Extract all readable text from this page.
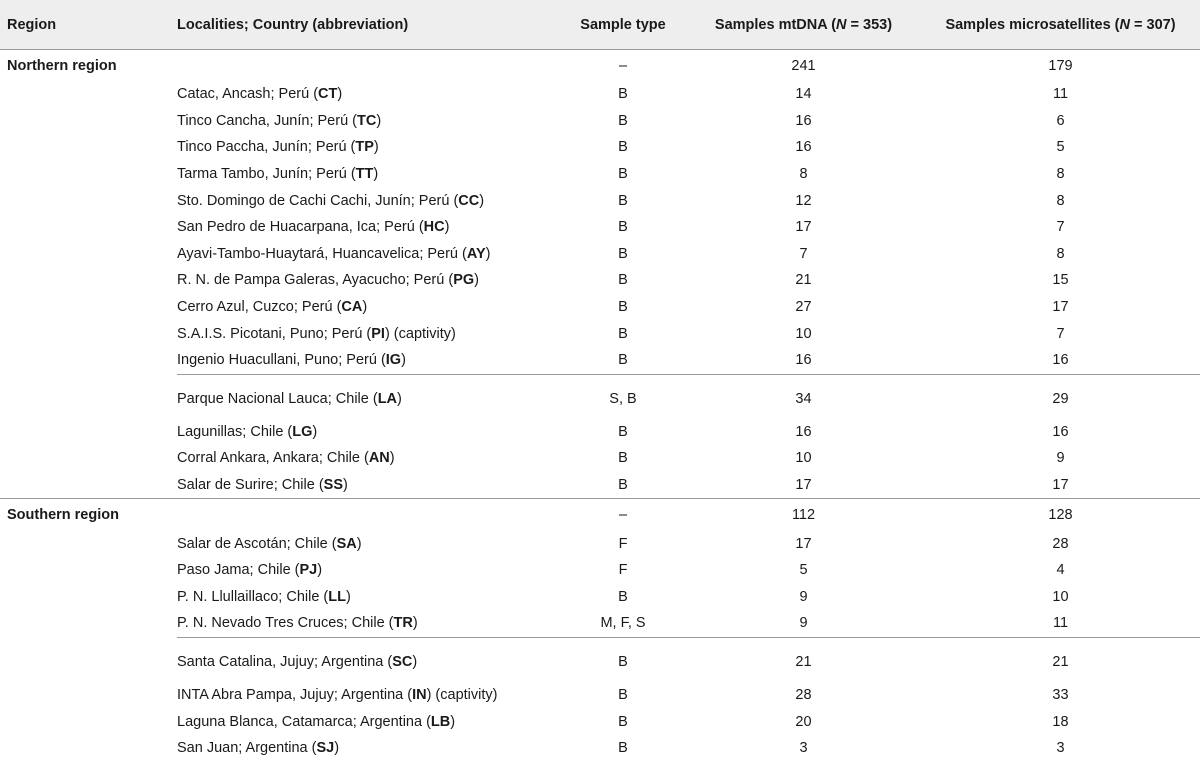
Region	Localities; Country (abbreviation)	Sample type	Samples mtDNA (N = 353)	Samples microsatellites (N = 307)
Northern region		–	241	179
	Catac, Ancash; Perú (CT)	B	14	11
	Tinco Cancha, Junín; Perú (TC)	B	16	6
	Tinco Paccha, Junín; Perú (TP)	B	16	5
	Tarma Tambo, Junín; Perú (TT)	B	8	8
	Sto. Domingo de Cachi Cachi, Junín; Perú (CC)	B	12	8
	San Pedro de Huacarpana, Ica; Perú (HC)	B	17	7
	Ayavi-Tambo-Huaytará, Huancavelica; Perú (AY)	B	7	8
	R. N. de Pampa Galeras, Ayacucho; Perú (PG)	B	21	15
	Cerro Azul, Cuzco; Perú (CA)	B	27	17
	S.A.I.S. Picotani, Puno; Perú (PI) (captivity)	B	10	7
	Ingenio Huacullani, Puno; Perú (IG)	B	16	16
	Parque Nacional Lauca; Chile (LA)	S, B	34	29
	Lagunillas; Chile (LG)	B	16	16
	Corral Ankara, Ankara; Chile (AN)	B	10	9
	Salar de Surire; Chile (SS)	B	17	17
Southern region		–	112	128
	Salar de Ascotán; Chile (SA)	F	17	28
	Paso Jama; Chile (PJ)	F	5	4
	P. N. Llullaillaco; Chile (LL)	B	9	10
	P. N. Nevado Tres Cruces; Chile (TR)	M, F, S	9	11
	Santa Catalina, Jujuy; Argentina (SC)	B	21	21
	INTA Abra Pampa, Jujuy; Argentina (IN) (captivity)	B	28	33
	Laguna Blanca, Catamarca; Argentina (LB)	B	20	18
	San Juan; Argentina (SJ)	B	3	3
